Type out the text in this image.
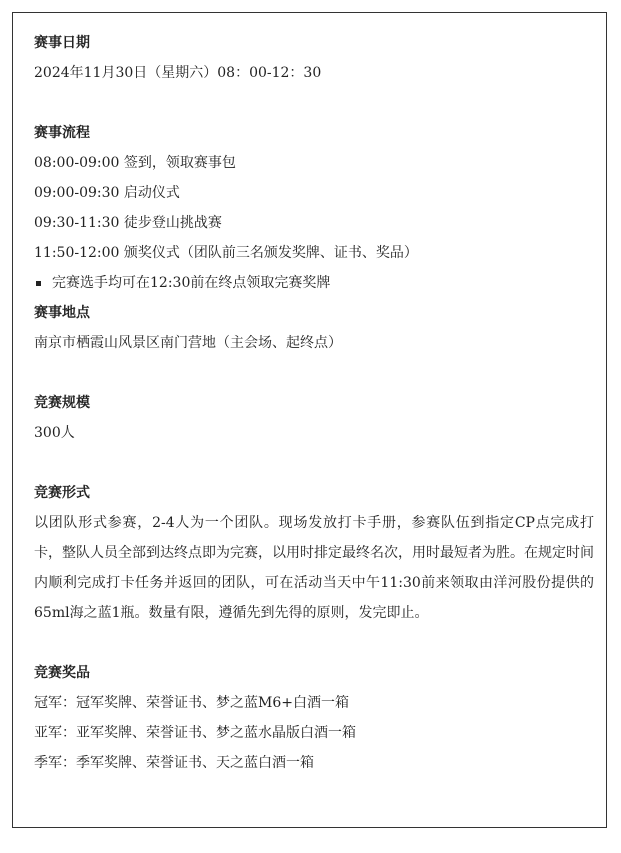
赛事日期
2024年11月30日（星期六）08：00-12：30
赛事流程
08:00-09:00 签到，领取赛事包
09:00-09:30 启动仪式
09:30-11:30 徒步登山挑战赛
11:50-12:00 颁奖仪式（团队前三名颁发奖牌、证书、奖品）
完赛选手均可在12:30前在终点领取完赛奖牌
赛事地点
南京市栖霞山风景区南门营地（主会场、起终点）
竞赛规模
300人
竞赛形式
以团队形式参赛，2-4人为一个团队。现场发放打卡手册，参赛队伍到指定CP点完成打卡，整队人员全部到达终点即为完赛，以用时排定最终名次，用时最短者为胜。在规定时间内顺利完成打卡任务并返回的团队，可在活动当天中午11:30前来领取由洋河股份提供的65ml海之蓝1瓶。数量有限，遵循先到先得的原则，发完即止。
竞赛奖品
冠军：冠军奖牌、荣誉证书、梦之蓝M6+白酒一箱
亚军：亚军奖牌、荣誉证书、梦之蓝水晶版白酒一箱
季军：季军奖牌、荣誉证书、天之蓝白酒一箱
